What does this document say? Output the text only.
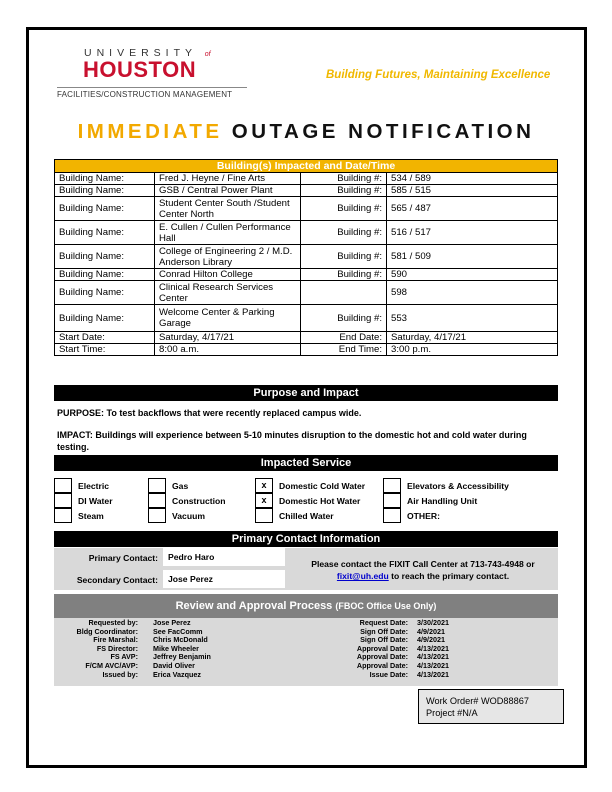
UNIVERSITY of
HOUSTON
FACILITIES/CONSTRUCTION MANAGEMENT
Building Futures, Maintaining Excellence
IMMEDIATE OUTAGE NOTIFICATION
Building(s) Impacted and Date/Time			
Building Name:	Fred J. Heyne / Fine Arts	Building #:	534 / 589
Building Name:	GSB / Central Power Plant	Building #:	585 / 515
Building Name:	Student Center South /Student Center North	Building #:	565 / 487
Building Name:	E. Cullen / Cullen Performance Hall	Building #:	516 / 517
Building Name:	College of Engineering 2 / M.D. Anderson Library	Building #:	581 / 509
Building Name:	Conrad Hilton College	Building #:	590
Building Name:	Clinical Research Services Center		598
Building Name:	Welcome Center & Parking Garage	Building #:	553
Start Date:	Saturday, 4/17/21	End Date:	Saturday, 4/17/21
Start Time:	8:00 a.m.	End Time:	3:00 p.m.
Purpose and Impact
PURPOSE: To test backflows that were recently replaced campus wide.
IMPACT: Buildings will experience between 5-10 minutes disruption to the domestic hot and cold water during testing.
Impacted Service
Electric
DI Water
Steam
Gas
Construction
Vacuum
x	Domestic Cold Water
x	Domestic Hot Water
Chilled Water
Elevators & Accessibility
Air Handling Unit
OTHER:
Primary Contact Information
Primary Contact:	Pedro Haro
Secondary Contact:	Jose Perez
Please contact the FIXIT Call Center at 713-743-4948 or
fixit@uh.edu to reach the primary contact.
Review and Approval Process (FBOC Office Use Only)
Requested by: Jose Perez	Request Date: 3/30/2021
Bldg Coordinator: See FacComm	Sign Off Date: 4/9/2021
Fire Marshal: Chris McDonald	Sign Off Date: 4/9/2021
FS Director: Mike Wheeler	Approval Date: 4/13/2021
FS AVP: Jeffrey Benjamin	Approval Date: 4/13/2021
F/CM AVC/AVP: David Oliver	Approval Date: 4/13/2021
Issued by: Erica Vazquez	Issue Date: 4/13/2021
Work Order# WOD88867
Project #N/A
